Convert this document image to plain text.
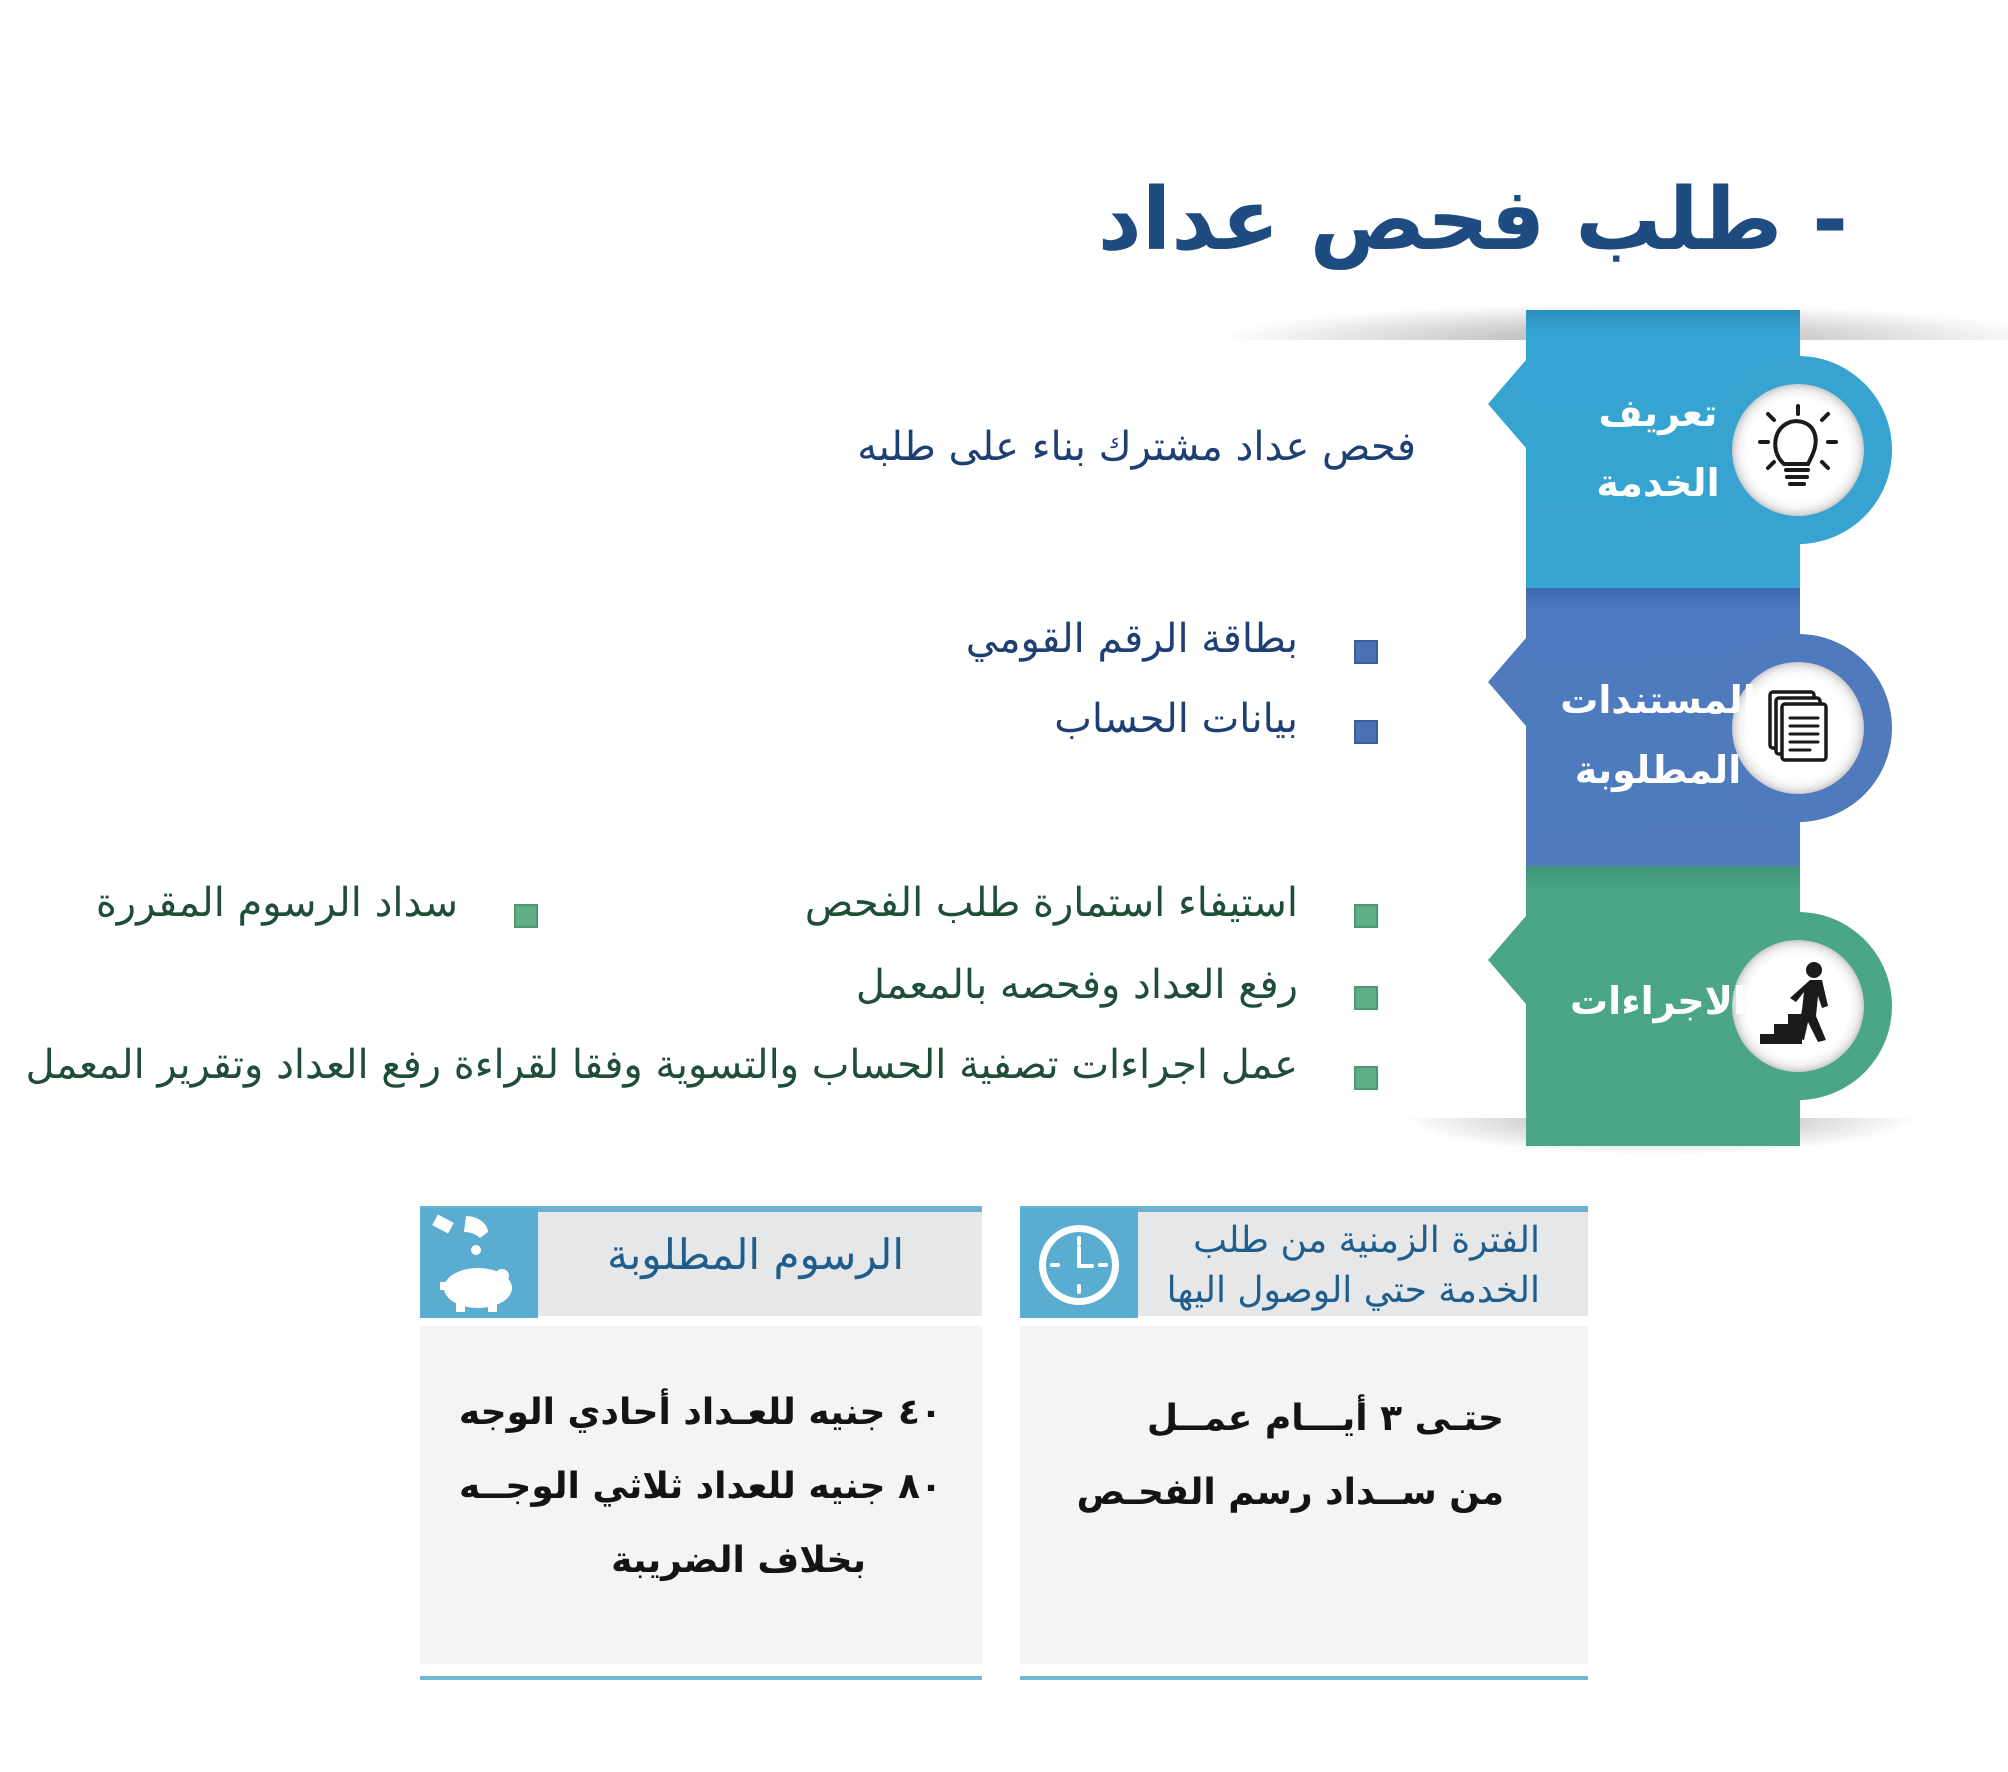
- طلب فحص عداد
تعريف
الخدمة
المستندات
المطلوبة
الاجراءات
فحص عداد مشترك بناء على طلبه
بطاقة الرقم القومي
بيانات الحساب
استيفاء استمارة طلب الفحص
سداد الرسوم المقررة
رفع العداد وفحصه بالمعمل
عمل اجراءات تصفية الحساب والتسوية وفقا لقراءة رفع العداد وتقرير المعمل
الرسوم المطلوبة
٤٠ جنيه للعـداد أحادي الوجه
٨٠ جنيه للعداد ثلاثي الوجــه
بخلاف الضريبة
الفترة الزمنية من طلب
الخدمة حتي الوصول اليها
حتـى ٣ أيـــام عمــل
من ســداد رسم الفحـص
